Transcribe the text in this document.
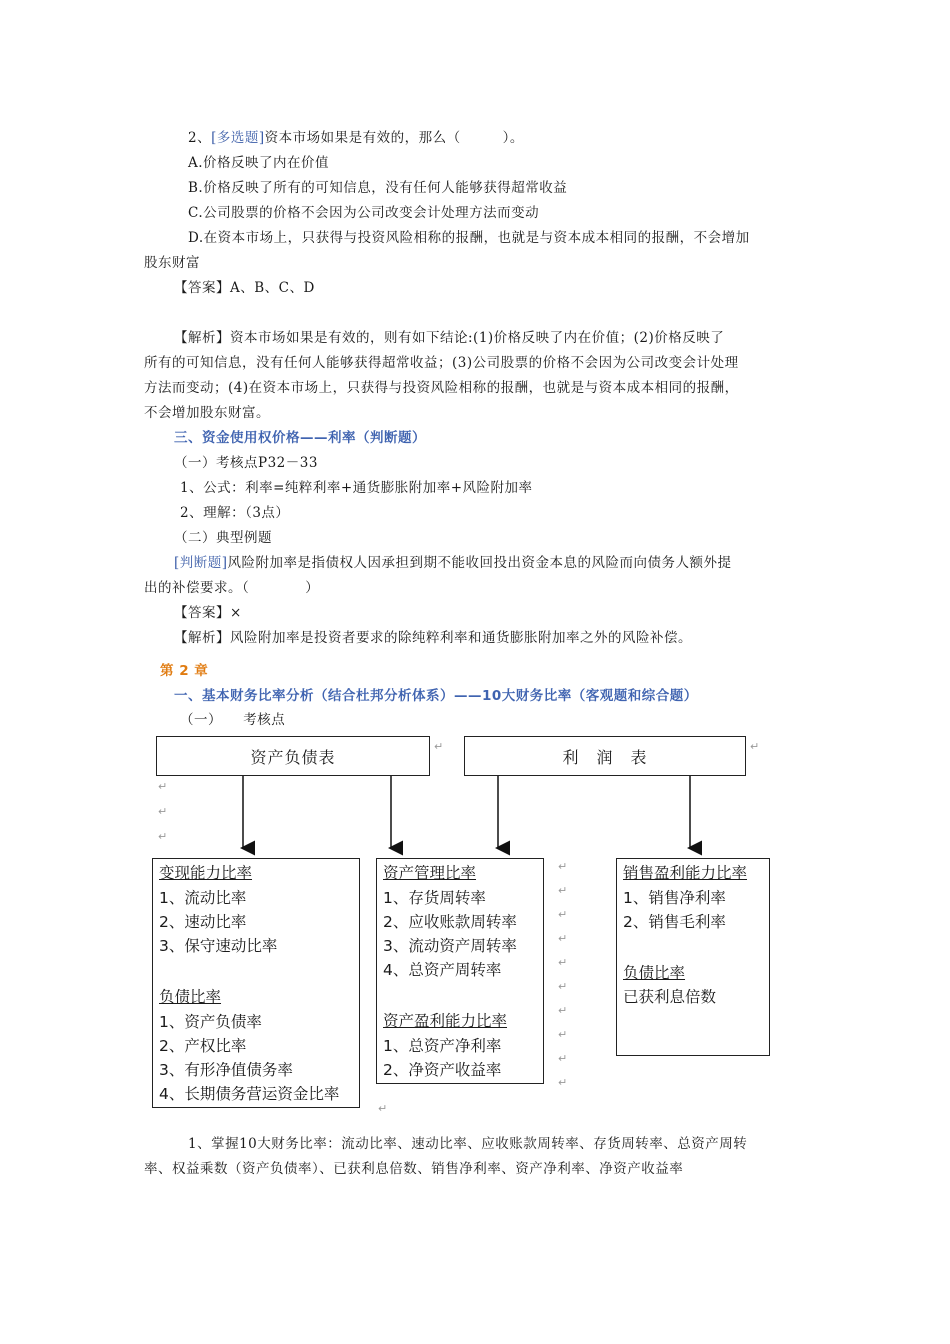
2、[多选题]资本市场如果是有效的，那么（　　　）。
A.价格反映了内在价值
B.价格反映了所有的可知信息，没有任何人能够获得超常收益
C.公司股票的价格不会因为公司改变会计处理方法而变动
D.在资本市场上，只获得与投资风险相称的报酬，也就是与资本成本相同的报酬，不会增加
股东财富
【答案】A、B、C、D
【解析】资本市场如果是有效的，则有如下结论:(1)价格反映了内在价值；(2)价格反映了
所有的可知信息，没有任何人能够获得超常收益；(3)公司股票的价格不会因为公司改变会计处理
方法而变动；(4)在资本市场上，只获得与投资风险相称的报酬，也就是与资本成本相同的报酬，
不会增加股东财富。
三、资金使用权价格——利率（判断题）
（一）考核点P32－33
1、公式：利率=纯粹利率+通货膨胀附加率+风险附加率
2、理解：（3点）
（二）典型例题
[判断题]风险附加率是指债权人因承担到期不能收回投出资金本息的风险而向债务人额外提
出的补偿要求。（　　　　）
【答案】×
【解析】风险附加率是投资者要求的除纯粹利率和通货膨胀附加率之外的风险补偿。
第 2 章
一、基本财务比率分析（结合杜邦分析体系）——10大财务比率（客观题和综合题）
（一）　　考核点
资产负债表
↵
利　润　表
↵
↵
↵
↵
变现能力比率
1、流动比率
2、速动比率
3、保守速动比率
负债比率
1、资产负债率
2、产权比率
3、有形净值债务率
4、长期债务营运资金比率
资产管理比率
1、存货周转率
2、应收账款周转率
3、流动资产周转率
4、总资产周转率
资产盈利能力比率
1、总资产净利率
2、净资产收益率
销售盈利能力比率
1、销售净利率
2、销售毛利率
负债比率
已获利息倍数
↵
↵
↵
↵
↵
↵
↵
↵
↵
↵
↵
1、掌握10大财务比率：流动比率、速动比率、应收账款周转率、存货周转率、总资产周转
率、权益乘数（资产负债率）、已获利息倍数、销售净利率、资产净利率、净资产收益率
